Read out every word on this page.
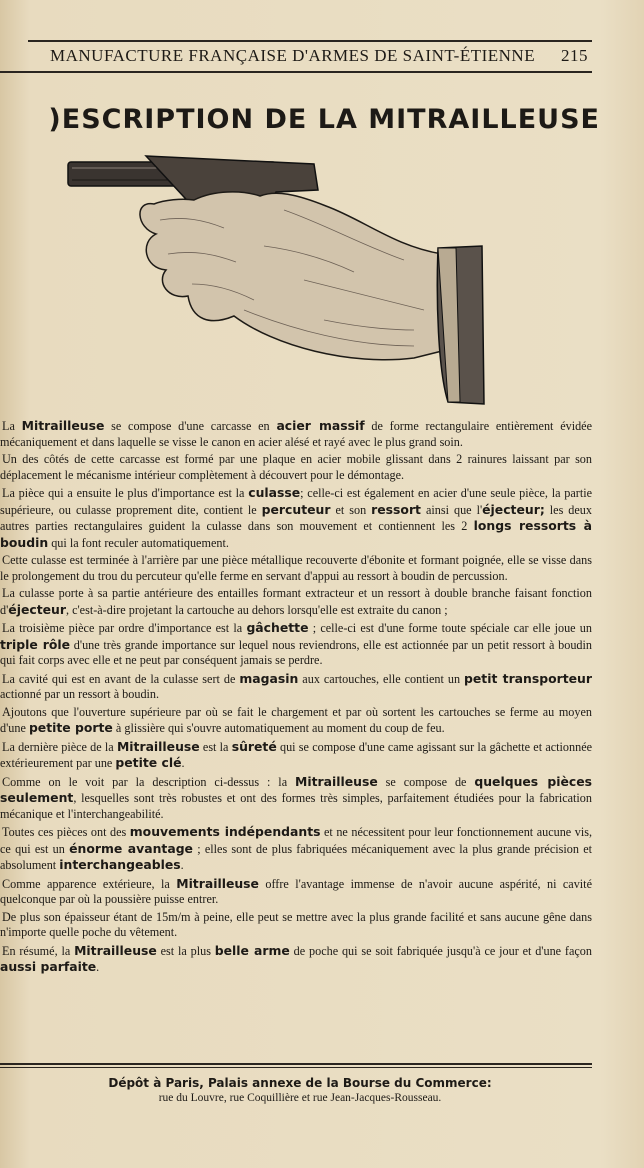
MANUFACTURE FRANÇAISE D'ARMES DE SAINT-ÉTIENNE 215
)ESCRIPTION DE LA MITRAILLEUSE

La Mitrailleuse se compose d'une carcasse en acier massif de forme rectangulaire entièrement évidée mécaniquement et dans laquelle se visse le canon en acier alésé et rayé avec le plus grand soin.

Un des côtés de cette carcasse est formé par une plaque en acier mobile glissant dans 2 rainures laissant par son déplacement le mécanisme intérieur complètement à découvert pour le démontage.

La pièce qui a ensuite le plus d'importance est la culasse; celle-ci est également en acier d'une seule pièce, la partie supérieure, ou culasse proprement dite, contient le percuteur et son ressort ainsi que l'éjecteur; les deux autres parties rectangulaires guident la culasse dans son mouvement et contiennent les 2 longs ressorts à boudin qui la font reculer automatiquement.

Cette culasse est terminée à l'arrière par une pièce métallique recouverte d'ébonite et formant poignée, elle se visse dans le prolongement du trou du percuteur qu'elle ferme en servant d'appui au ressort à boudin de percussion.

La culasse porte à sa partie antérieure des entailles formant extracteur et un ressort à double branche faisant fonction d'éjecteur, c'est-à-dire projetant la cartouche au dehors lorsqu'elle est extraite du canon ;

La troisième pièce par ordre d'importance est la gâchette ; celle-ci est d'une forme toute spéciale car elle joue un triple rôle d'une très grande importance sur lequel nous reviendrons, elle est actionnée par un petit ressort à boudin qui fait corps avec elle et ne peut par conséquent jamais se perdre.

La cavité qui est en avant de la culasse sert de magasin aux cartouches, elle contient un petit transporteur actionné par un ressort à boudin.

Ajoutons que l'ouverture supérieure par où se fait le chargement et par où sortent les cartouches se ferme au moyen d'une petite porte à glissière qui s'ouvre automatiquement au moment du coup de feu.

La dernière pièce de la Mitrailleuse est la sûreté qui se compose d'une came agissant sur la gâchette et actionnée extérieurement par une petite clé.

Comme on le voit par la description ci-dessus : la Mitrailleuse se compose de quelques pièces seulement, lesquelles sont très robustes et ont des formes très simples, parfaitement étudiées pour la fabrication mécanique et l'interchangeabilité.

Toutes ces pièces ont des mouvements indépendants et ne nécessitent pour leur fonctionnement aucune vis, ce qui est un énorme avantage ; elles sont de plus fabriquées mécaniquement avec la plus grande précision et absolument interchangeables.

Comme apparence extérieure, la Mitrailleuse offre l'avantage immense de n'avoir aucune aspérité, ni cavité quelconque par où la poussière puisse entrer.

De plus son épaisseur étant de 15m/m à peine, elle peut se mettre avec la plus grande facilité et sans aucune gêne dans n'importe quelle poche du vêtement.

En résumé, la Mitrailleuse est la plus belle arme de poche qui se soit fabriquée jusqu'à ce jour et d'une façon aussi parfaite.

Dépôt à Paris, Palais annexe de la Bourse du Commerce:
rue du Louvre, rue Coquillière et rue Jean-Jacques-Rousseau.
